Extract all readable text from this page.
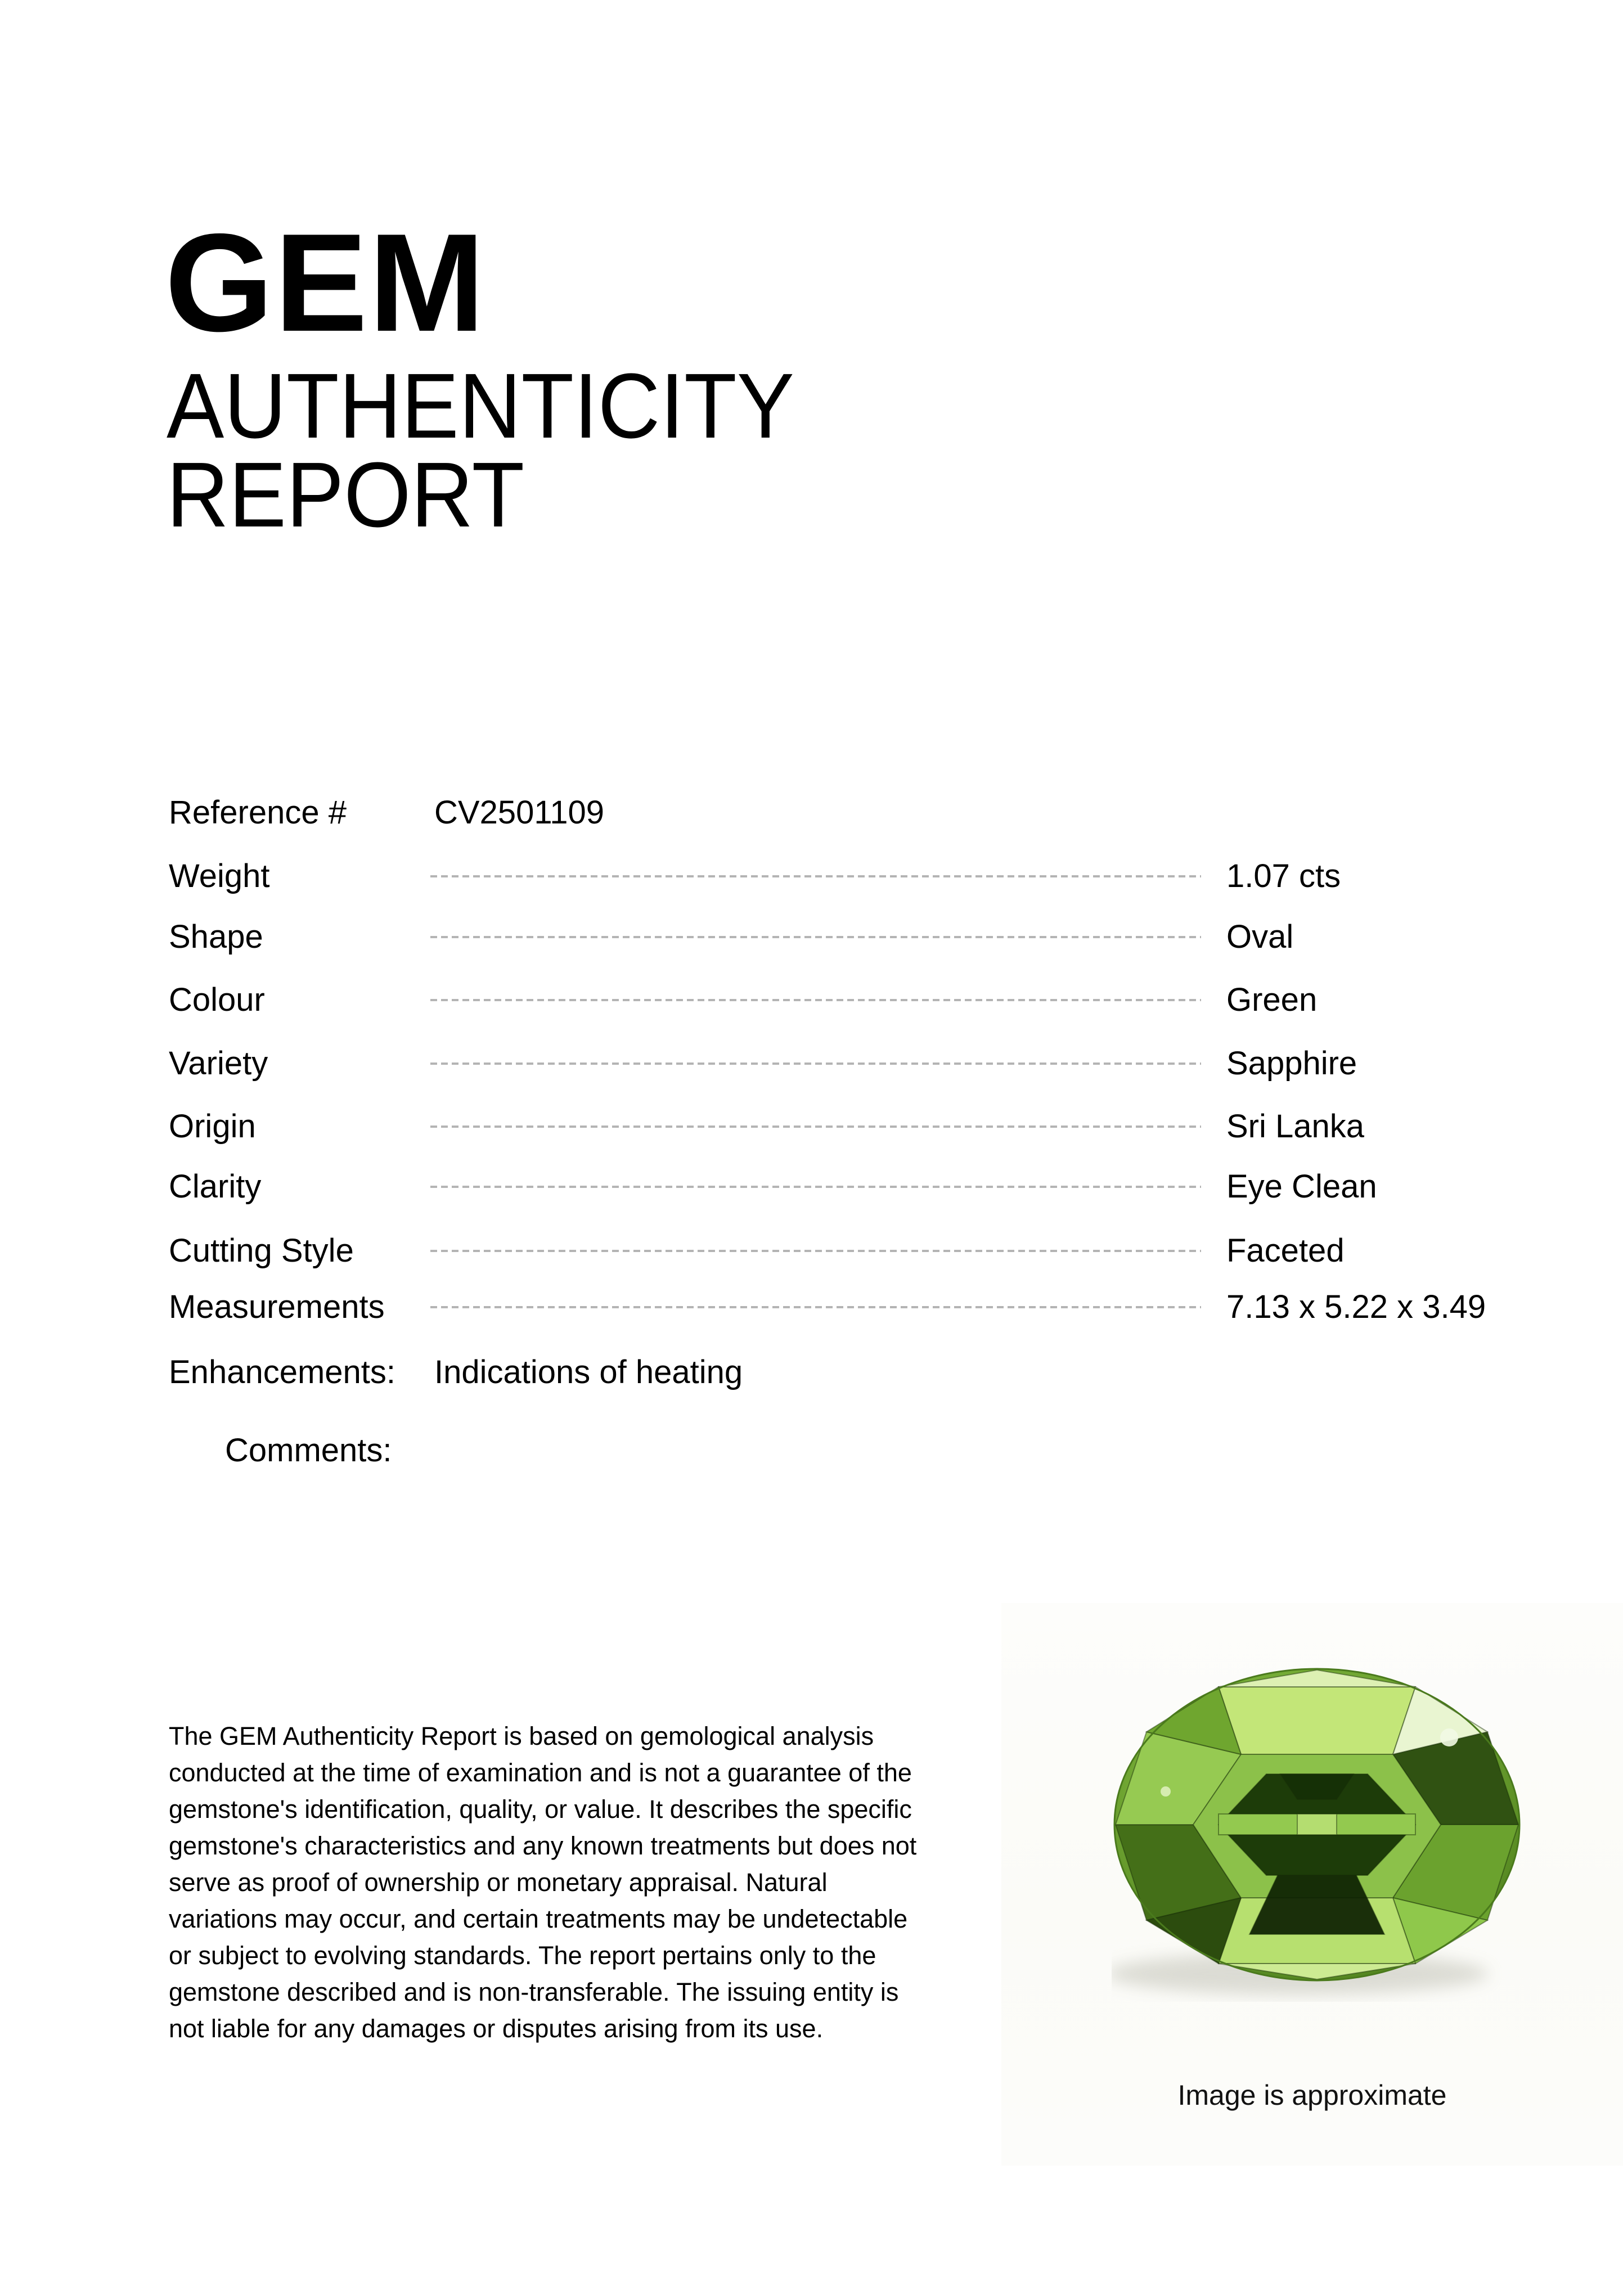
GEM
AUTHENTICITY
REPORT
Reference #	CV2501109
Weight	1.07 cts
Shape	Oval
Colour	Green
Variety	Sapphire
Origin	Sri Lanka
Clarity	Eye Clean
Cutting Style	Faceted
Measurements	7.13 x 5.22 x 3.49
Enhancements: Indications of heating
Comments:
The GEM Authenticity Report is based on gemological analysis
conducted at the time of examination and is not a guarantee of the
gemstone's identification, quality, or value. It describes the specific
gemstone's characteristics and any known treatments but does not
serve as proof of ownership or monetary appraisal. Natural
variations may occur, and certain treatments may be undetectable
or subject to evolving standards. The report pertains only to the
gemstone described and is non-transferable. The issuing entity is
not liable for any damages or disputes arising from its use.
Image is approximate
